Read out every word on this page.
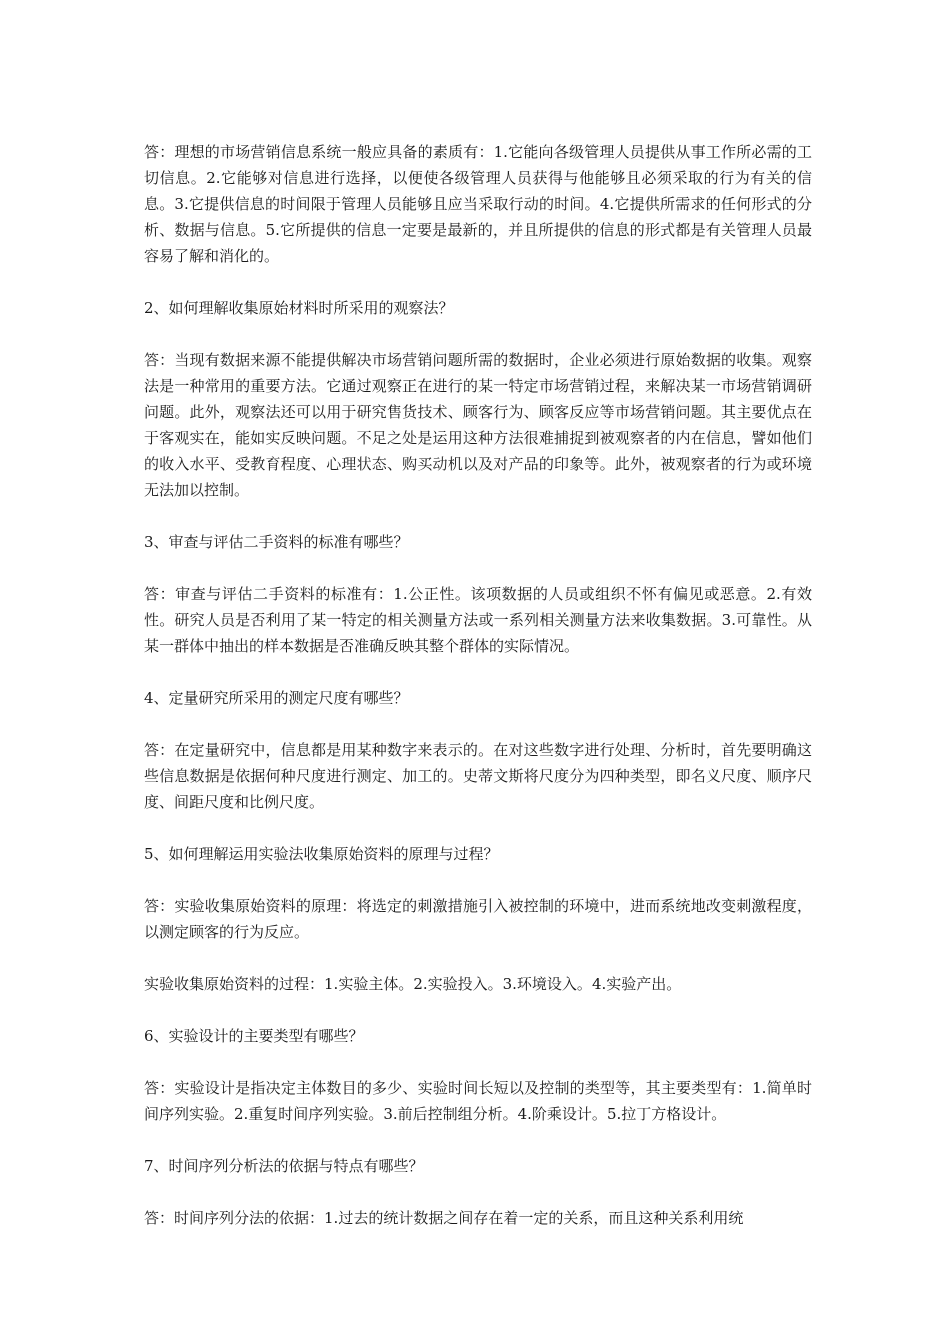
答：理想的市场营销信息系统一般应具备的素质有：1.它能向各级管理人员提供从事工作所必需的工切信息。2.它能够对信息进行选择，以便使各级管理人员获得与他能够且必须采取的行为有关的信息。3.它提供信息的时间限于管理人员能够且应当采取行动的时间。4.它提供所需求的任何形式的分析、数据与信息。5.它所提供的信息一定要是最新的，并且所提供的信息的形式都是有关管理人员最容易了解和消化的。

2、如何理解收集原始材料时所采用的观察法？

答：当现有数据来源不能提供解决市场营销问题所需的数据时，企业必须进行原始数据的收集。观察法是一种常用的重要方法。它通过观察正在进行的某一特定市场营销过程，来解决某一市场营销调研问题。此外，观察法还可以用于研究售货技术、顾客行为、顾客反应等市场营销问题。其主要优点在于客观实在，能如实反映问题。不足之处是运用这种方法很难捕捉到被观察者的内在信息，譬如他们的收入水平、受教育程度、心理状态、购买动机以及对产品的印象等。此外，被观察者的行为或环境无法加以控制。

3、审查与评估二手资料的标准有哪些？

答：审查与评估二手资料的标准有：1.公正性。该项数据的人员或组织不怀有偏见或恶意。2.有效性。研究人员是否利用了某一特定的相关测量方法或一系列相关测量方法来收集数据。3.可靠性。从某一群体中抽出的样本数据是否准确反映其整个群体的实际情况。

4、定量研究所采用的测定尺度有哪些？

答：在定量研究中，信息都是用某种数字来表示的。在对这些数字进行处理、分析时，首先要明确这些信息数据是依据何种尺度进行测定、加工的。史蒂文斯将尺度分为四种类型，即名义尺度、顺序尺度、间距尺度和比例尺度。

5、如何理解运用实验法收集原始资料的原理与过程？

答：实验收集原始资料的原理：将选定的刺激措施引入被控制的环境中，进而系统地改变刺激程度，以测定顾客的行为反应。

实验收集原始资料的过程：1.实验主体。2.实验投入。3.环境设入。4.实验产出。

6、实验设计的主要类型有哪些？

答：实验设计是指决定主体数目的多少、实验时间长短以及控制的类型等，其主要类型有：1.简单时间序列实验。2.重复时间序列实验。3.前后控制组分析。4.阶乘设计。5.拉丁方格设计。

7、时间序列分析法的依据与特点有哪些？

答：时间序列分法的依据：1.过去的统计数据之间存在着一定的关系，而且这种关系利用统
